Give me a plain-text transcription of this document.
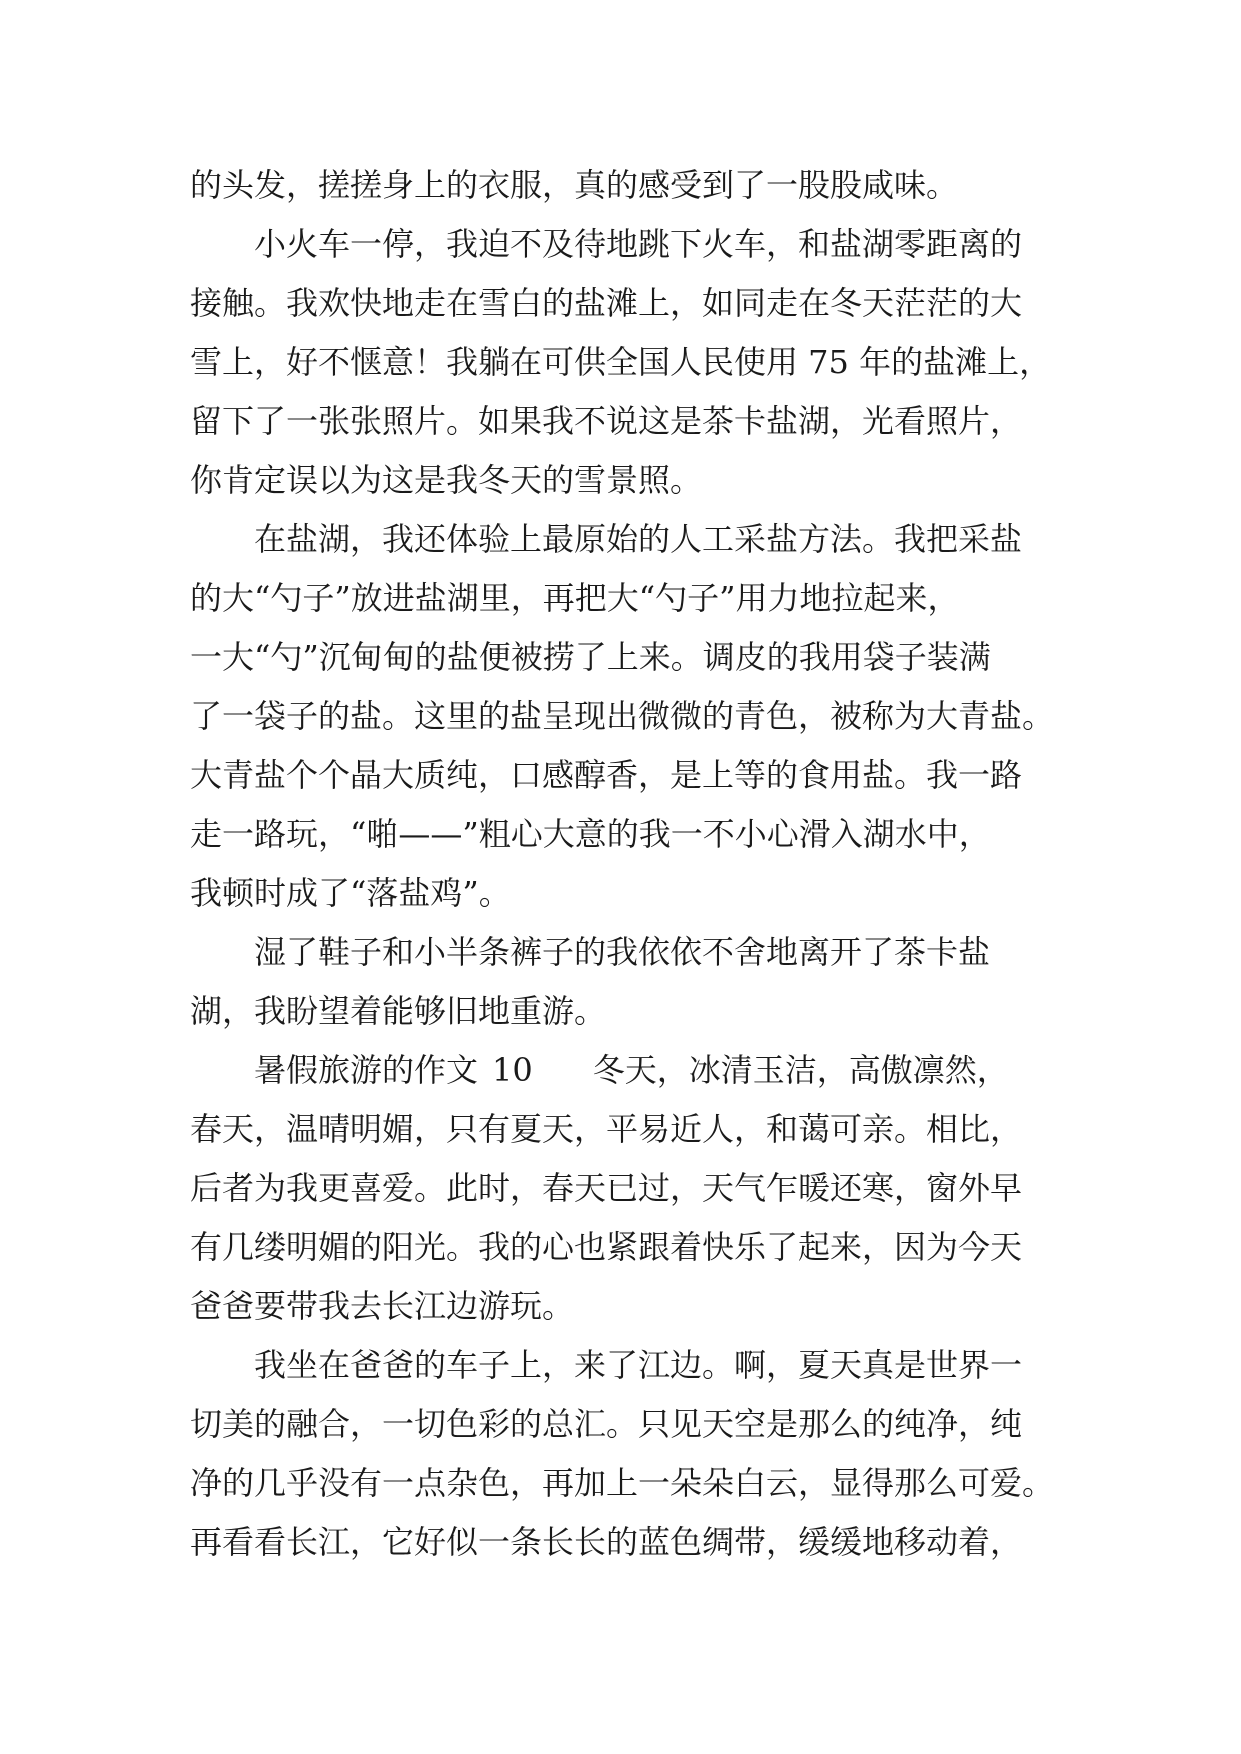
的头发，搓搓身上的衣服，真的感受到了一股股咸味。
小火车一停，我迫不及待地跳下火车，和盐湖零距离的
接触。我欢快地走在雪白的盐滩上，如同走在冬天茫茫的大
雪上，好不惬意！我躺在可供全国人民使用 75 年的盐滩上，
留下了一张张照片。如果我不说这是茶卡盐湖，光看照片，
你肯定误以为这是我冬天的雪景照。
在盐湖，我还体验上最原始的人工采盐方法。我把采盐
的大“勺子”放进盐湖里，再把大“勺子”用力地拉起来，
一大“勺”沉甸甸的盐便被捞了上来。调皮的我用袋子装满
了一袋子的盐。这里的盐呈现出微微的青色，被称为大青盐。
大青盐个个晶大质纯，口感醇香，是上等的食用盐。我一路
走一路玩，“啪——”粗心大意的我一不小心滑入湖水中，
我顿时成了“落盐鸡”。
湿了鞋子和小半条裤子的我依依不舍地离开了茶卡盐
湖，我盼望着能够旧地重游。
暑假旅游的作文 10 冬天，冰清玉洁，高傲凛然，
春天，温晴明媚，只有夏天，平易近人，和蔼可亲。相比，
后者为我更喜爱。此时，春天已过，天气乍暖还寒，窗外早
有几缕明媚的阳光。我的心也紧跟着快乐了起来，因为今天
爸爸要带我去长江边游玩。
我坐在爸爸的车子上，来了江边。啊，夏天真是世界一
切美的融合，一切色彩的总汇。只见天空是那么的纯净，纯
净的几乎没有一点杂色，再加上一朵朵白云，显得那么可爱。
再看看长江，它好似一条长长的蓝色绸带，缓缓地移动着，
